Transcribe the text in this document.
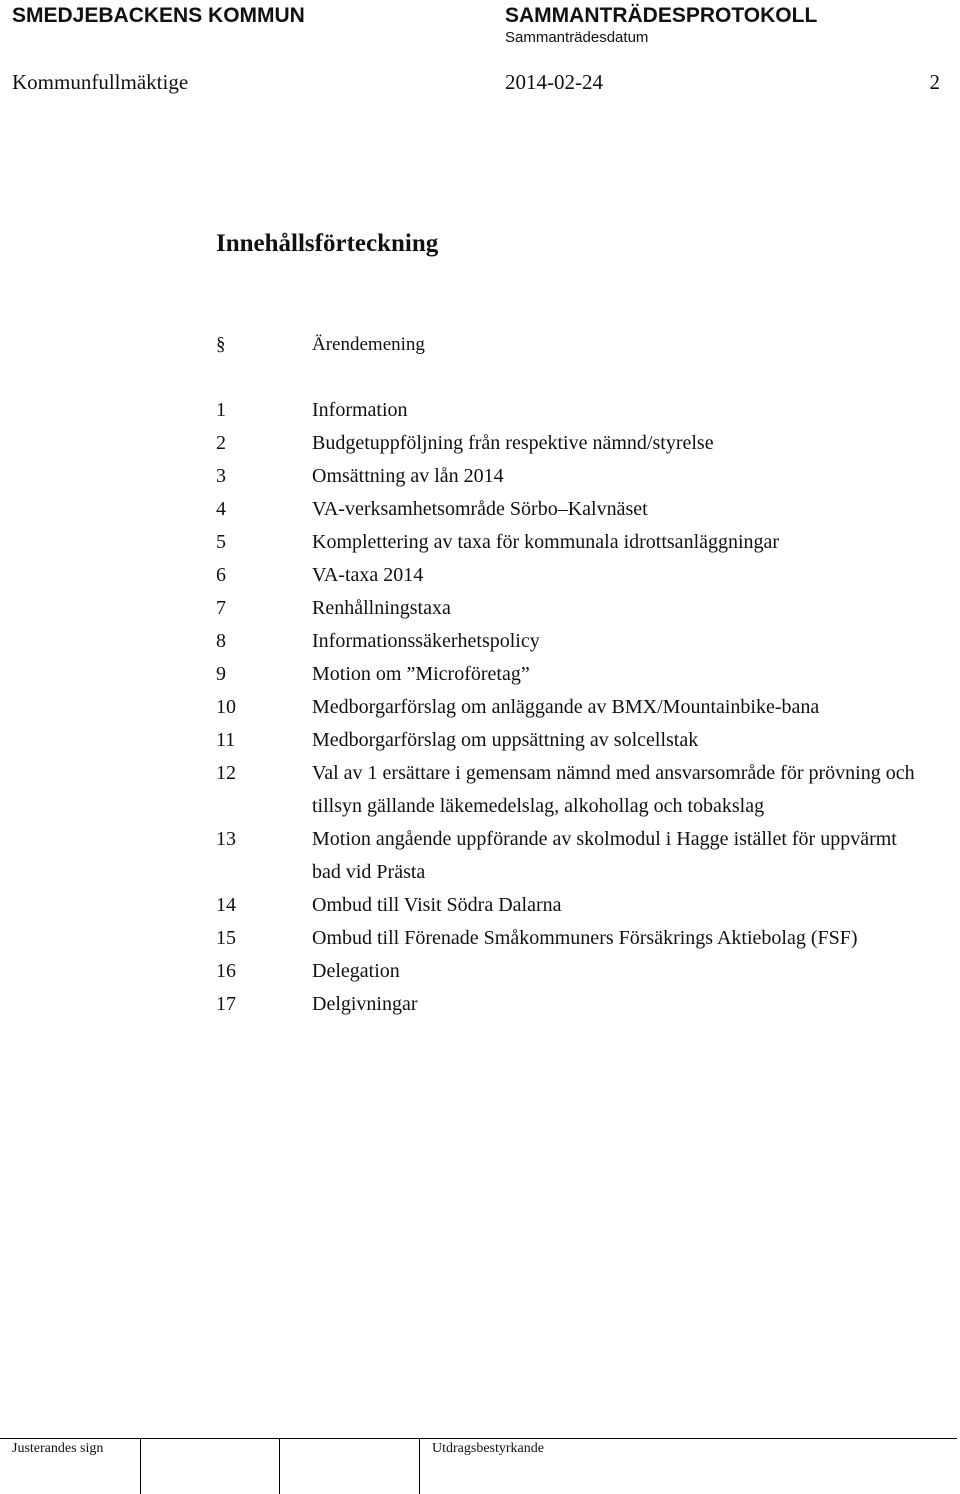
SMEDJEBACKENS KOMMUN	SAMMANTRÄDESPROTOKOLL
Sammanträdesdatum
Kommunfullmäktige	2014-02-24	2
Innehållsförteckning
§	Ärendemening
1	Information
2	Budgetuppföljning från respektive nämnd/styrelse
3	Omsättning av lån 2014
4	VA-verksamhetsområde Sörbo–Kalvnäset
5	Komplettering av taxa för kommunala idrottsanläggningar
6	VA-taxa 2014
7	Renhållningstaxa
8	Informationssäkerhetspolicy
9	Motion om ”Microföretag”
10	Medborgarförslag om anläggande av BMX/Mountainbike-bana
11	Medborgarförslag om uppsättning av solcellstak
12	Val av 1 ersättare i gemensam nämnd med ansvarsområde för prövning och tillsyn gällande läkemedelslag, alkohollag och tobakslag
13	Motion angående uppförande av skolmodul i Hagge istället för uppvärmt bad vid Prästa
14	Ombud till Visit Södra Dalarna
15	Ombud till Förenade Småkommuners Försäkrings Aktiebolag (FSF)
16	Delegation
17	Delgivningar
Justerandes sign	Utdragsbestyrkande
